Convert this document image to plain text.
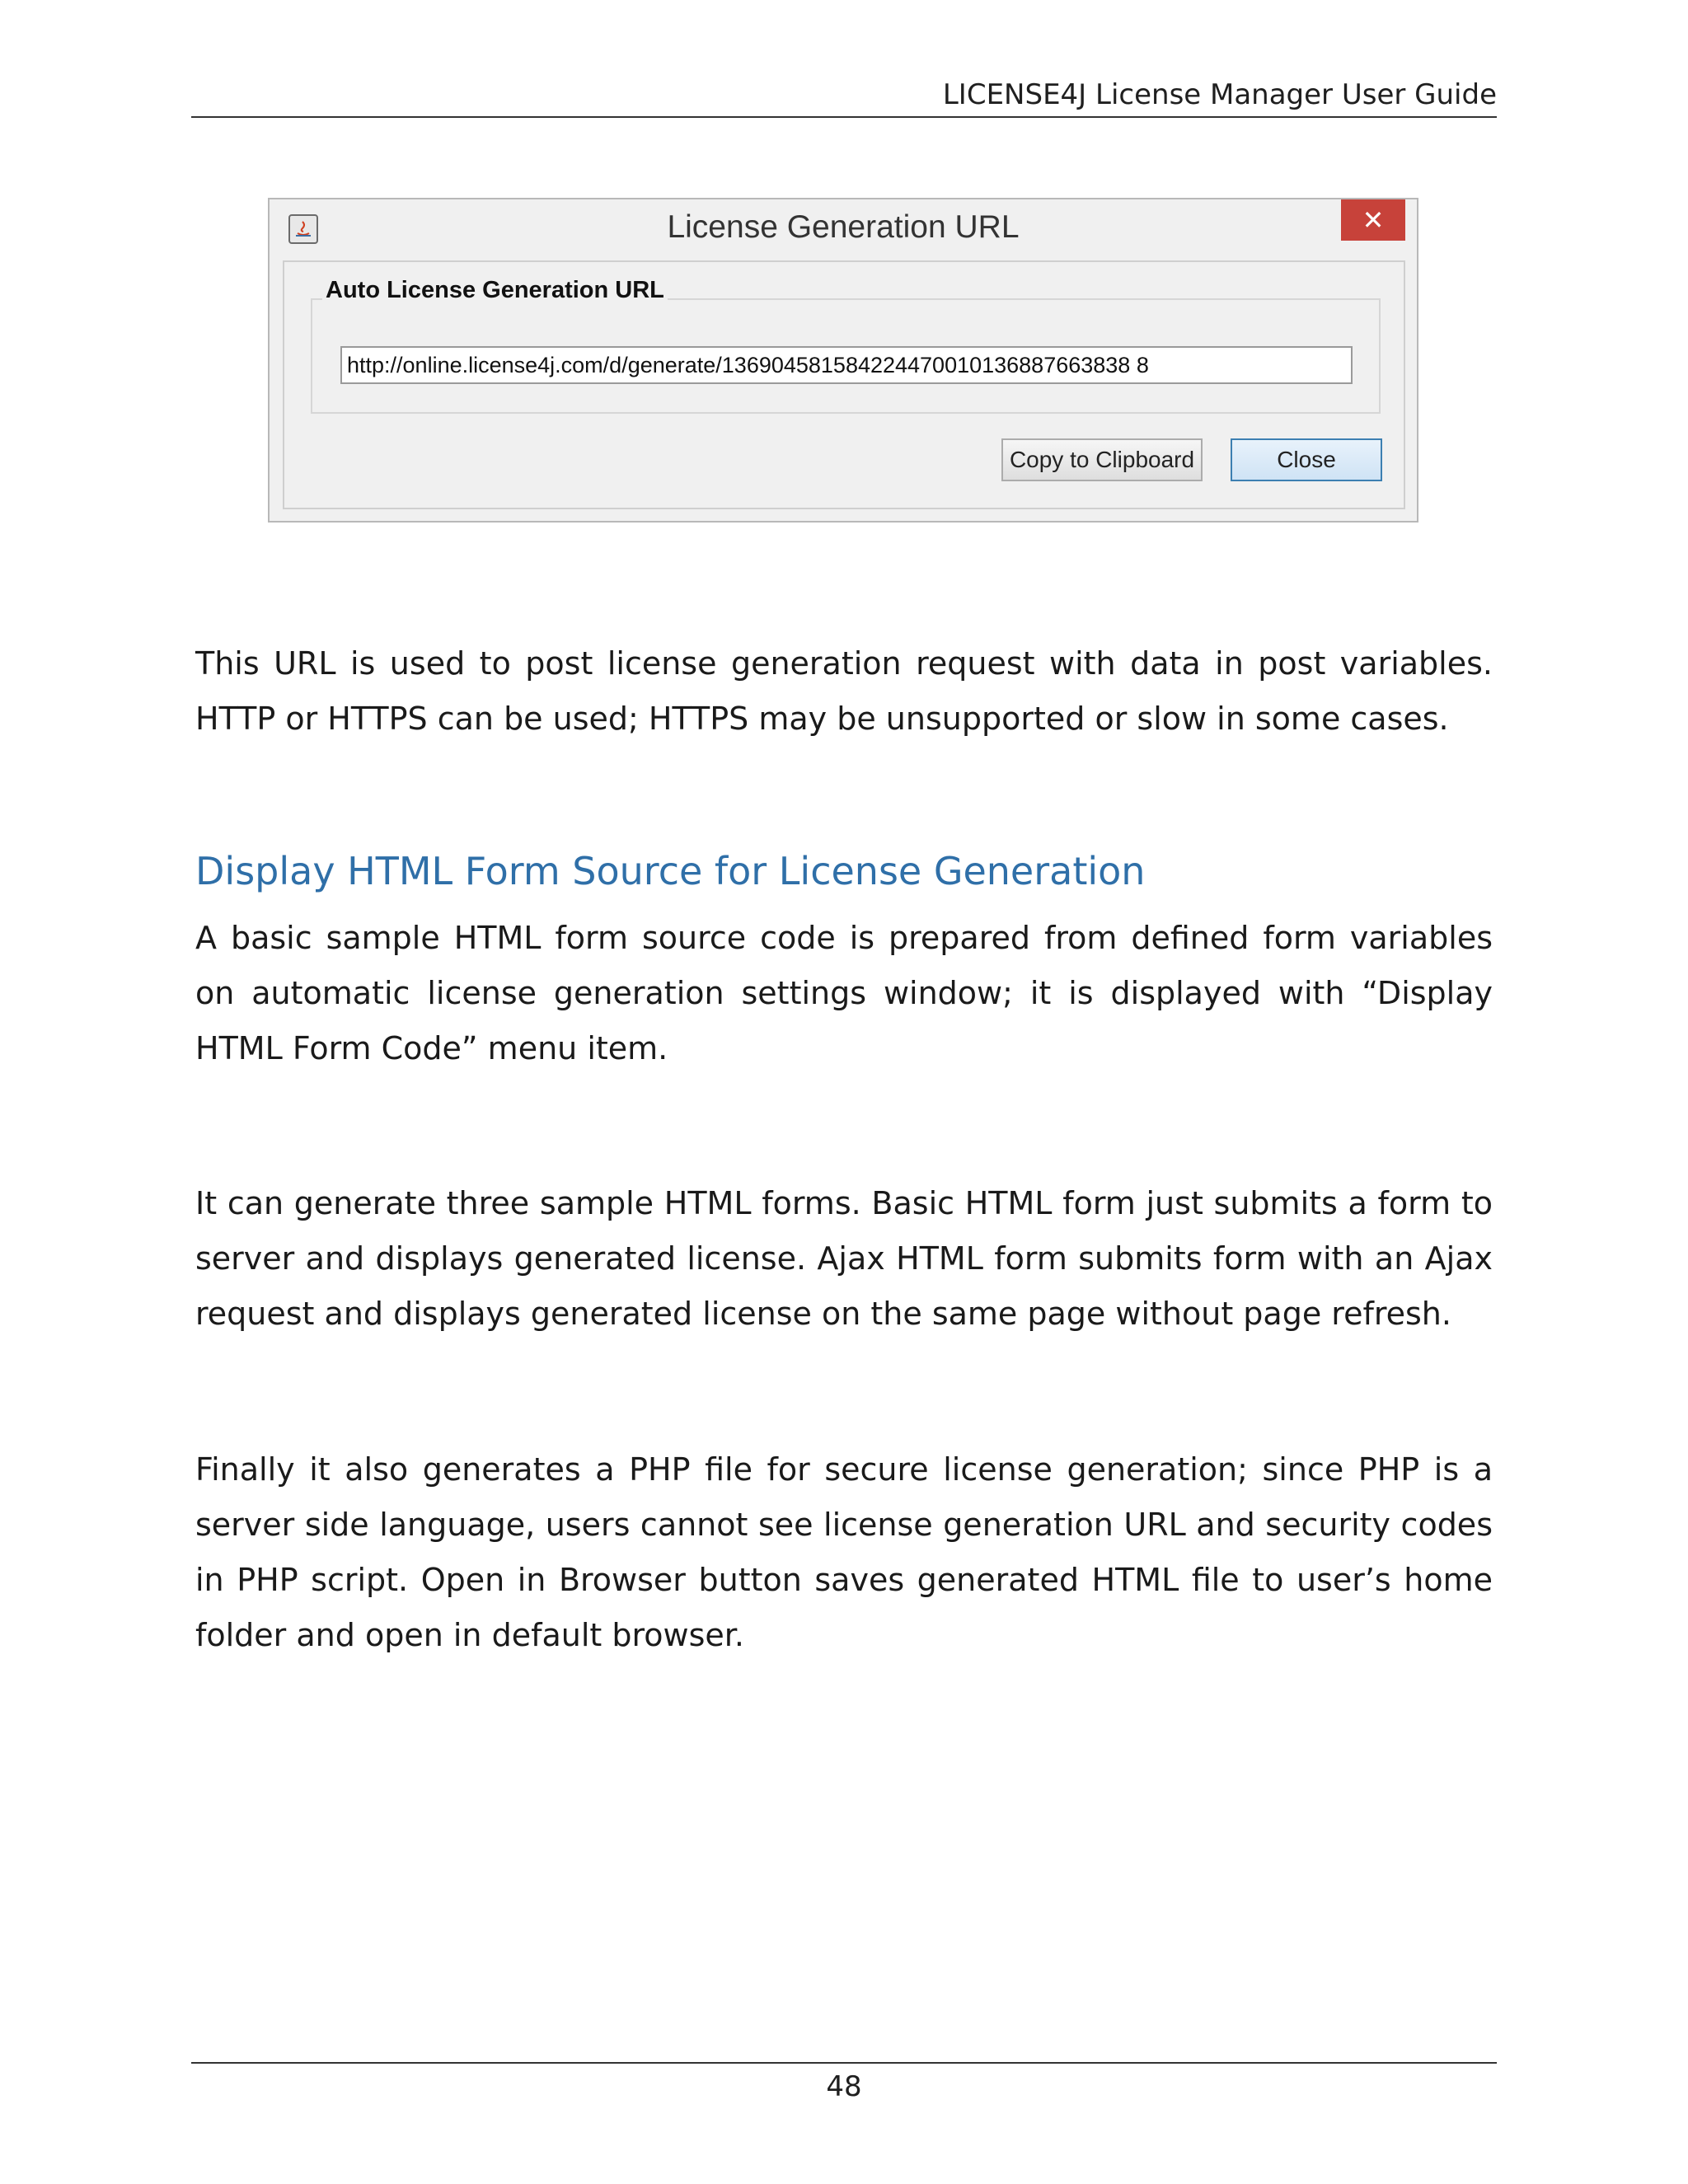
LICENSE4J License Manager User Guide
License Generation URL	✕
http://online.license4j.com/d/generate/136904581584224470010136887663838 8
Auto License Generation URL
Copy to Clipboard	Close
This URL is used to post license generation request with data in post variables. HTTP or HTTPS can be used; HTTPS may be unsupported or slow in some cases.
Display HTML Form Source for License Generation
A basic sample HTML form source code is prepared from defined form variables on automatic license generation settings window; it is displayed with “Display HTML Form Code” menu item.
It can generate three sample HTML forms. Basic HTML form just submits a form to server and displays generated license. Ajax HTML form submits form with an Ajax request and displays generated license on the same page without page refresh.
Finally it also generates a PHP file for secure license generation; since PHP is a server side language, users cannot see license generation URL and security codes in PHP script. Open in Browser button saves generated HTML file to user’s home folder and open in default browser.
48
